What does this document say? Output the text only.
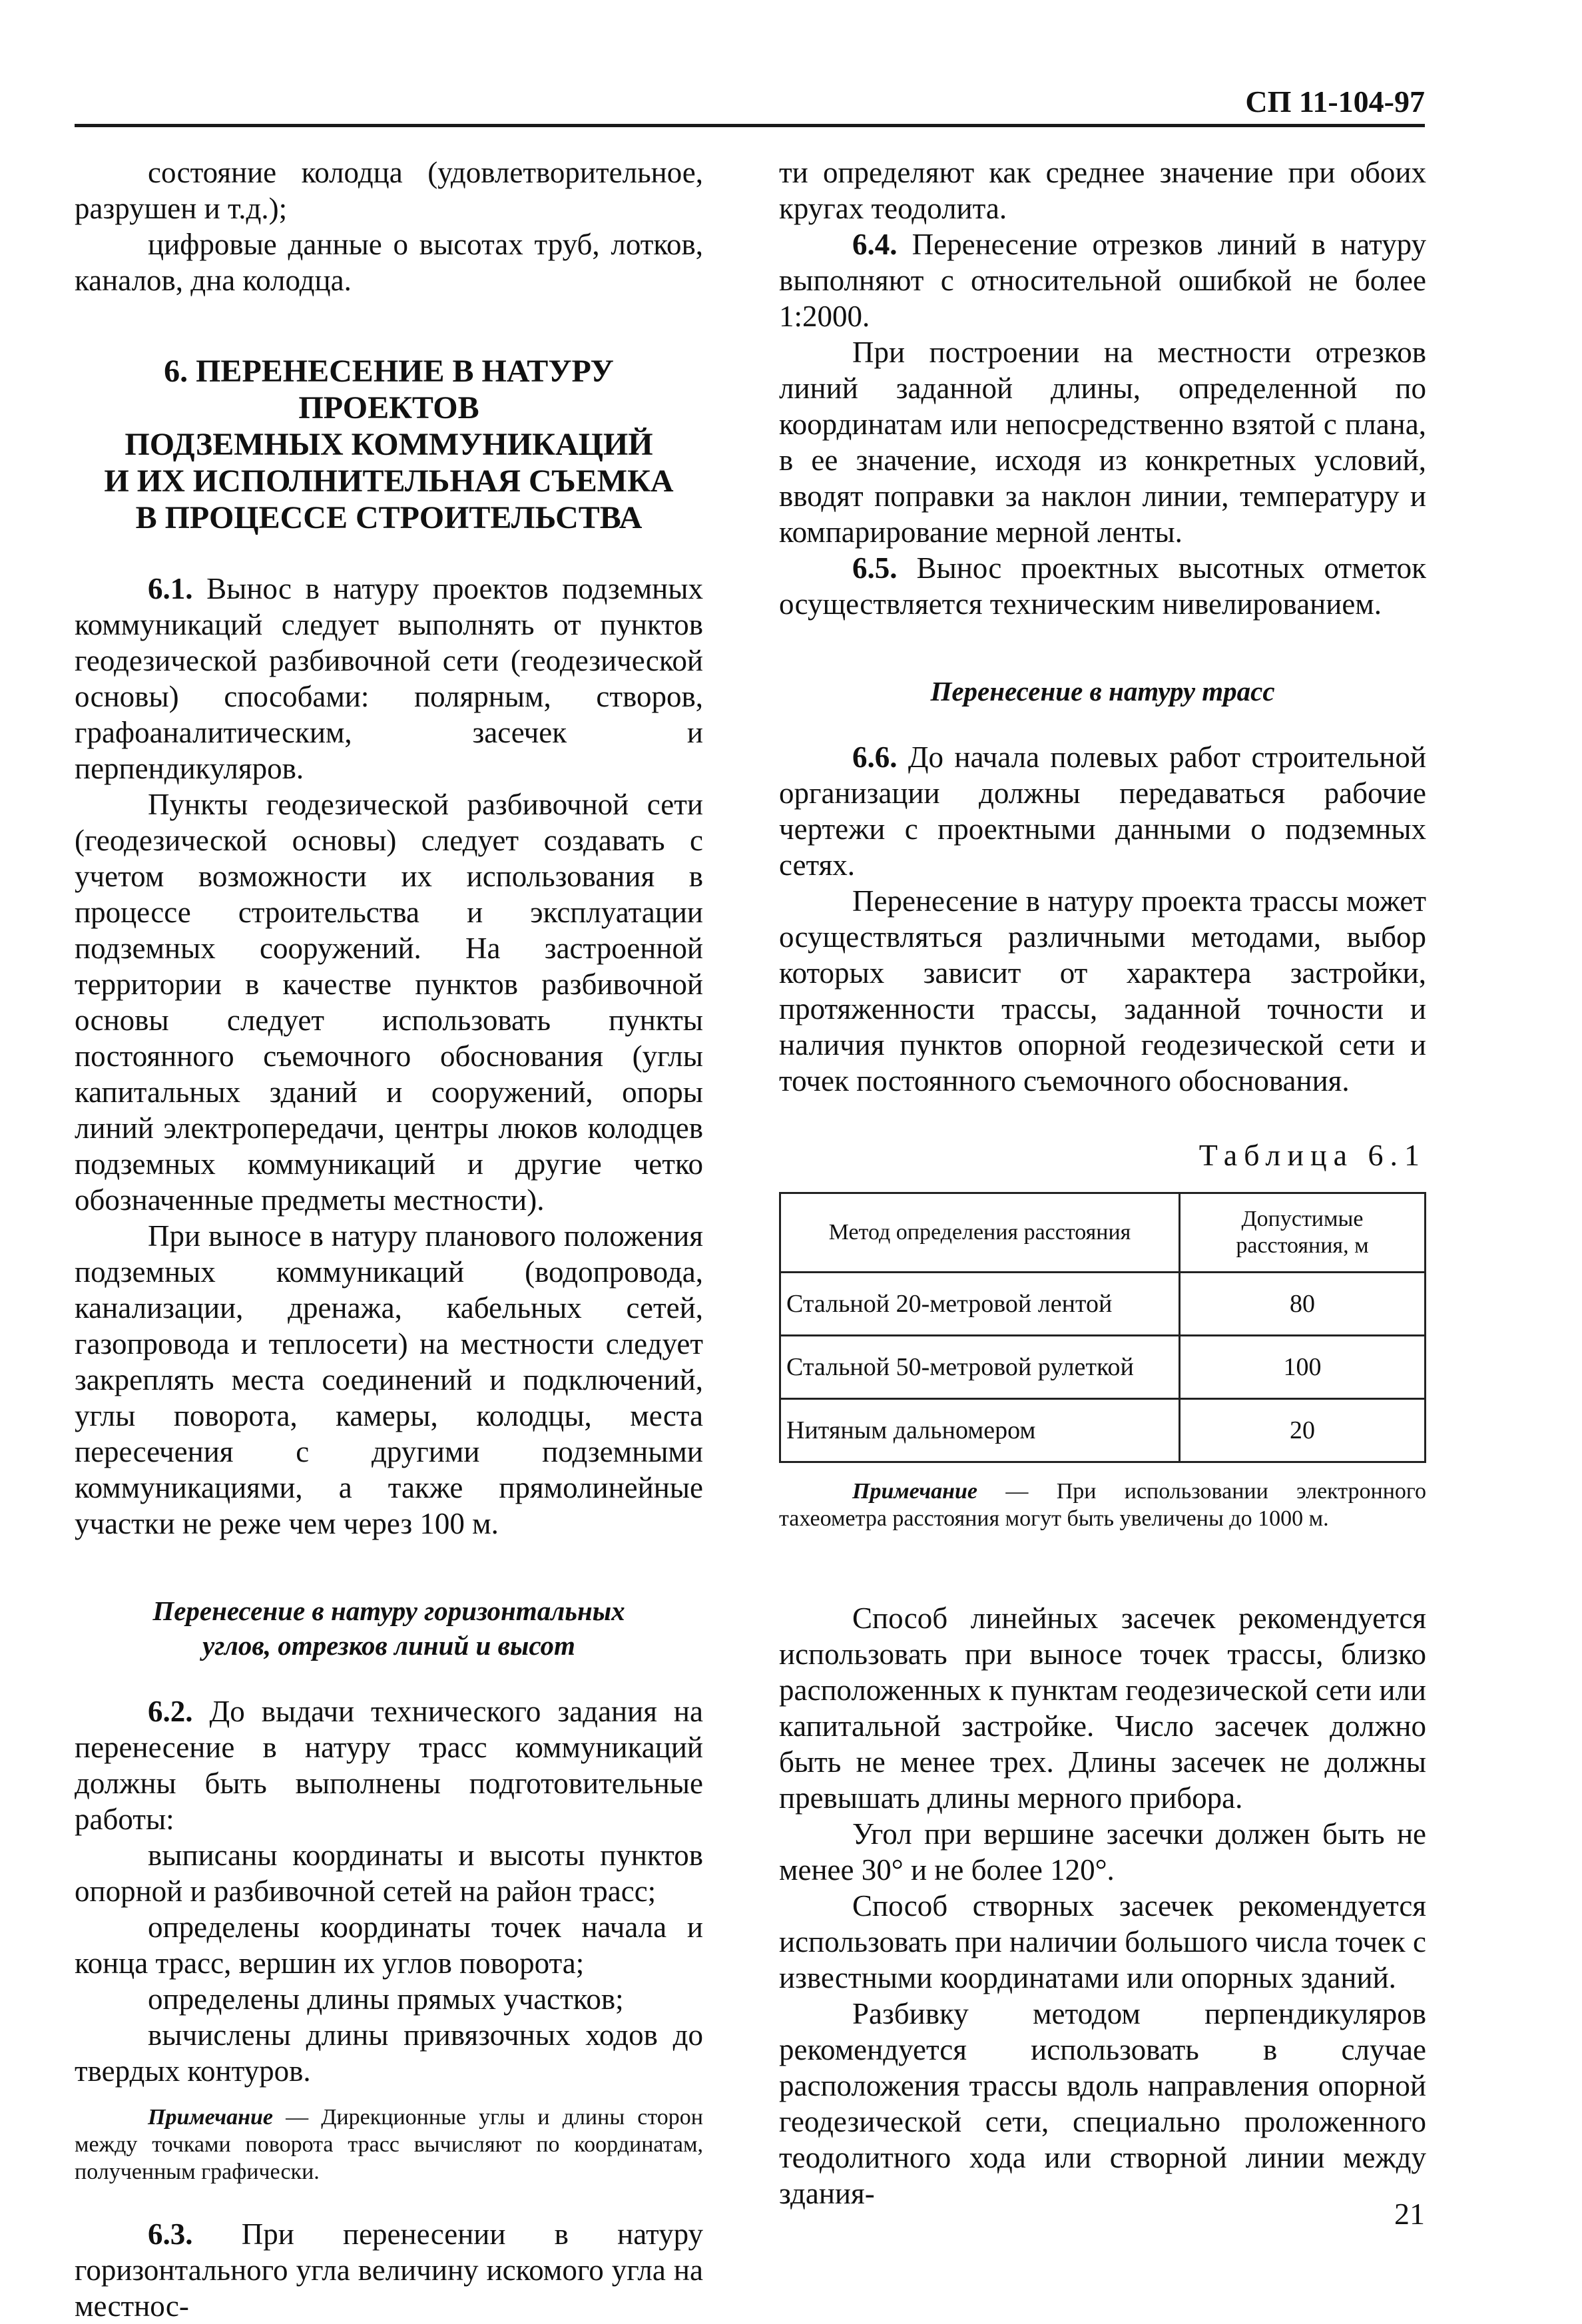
СП 11-104-97

состояние колодца (удовлетворительное, разрушен и т.д.);

цифровые данные о высотах труб, лотков, каналов, дна колодца.

6. ПЕРЕНЕСЕНИЕ В НАТУРУ ПРОЕКТОВ
ПОДЗЕМНЫХ КОММУНИКАЦИЙ
И ИХ ИСПОЛНИТЕЛЬНАЯ СЪЕМКА
В ПРОЦЕССЕ СТРОИТЕЛЬСТВА

6.1. Вынос в натуру проектов подземных коммуникаций следует выполнять от пунктов геодезической разбивочной сети (геодезической основы) способами: полярным, створов, графоаналитическим, засечек и перпендикуляров.

Пункты геодезической разбивочной сети (геодезической основы) следует создавать с учетом возможности их использования в процессе строительства и эксплуатации подземных сооружений. На застроенной территории в качестве пунктов разбивочной основы следует использовать пункты постоянного съемочного обоснования (углы капитальных зданий и сооружений, опоры линий электропередачи, центры люков колодцев подземных коммуникаций и другие четко обозначенные предметы местности).

При выносе в натуру планового положения подземных коммуникаций (водопровода, канализации, дренажа, кабельных сетей, газопровода и теплосети) на местности следует закреплять места соединений и подключений, углы поворота, камеры, колодцы, места пересечения с другими подземными коммуникациями, а также прямолинейные участки не реже чем через 100 м.

Перенесение в натуру горизонтальных
углов, отрезков линий и высот

6.2. До выдачи технического задания на перенесение в натуру трасс коммуникаций должны быть выполнены подготовительные работы:

выписаны координаты и высоты пунктов опорной и разбивочной сетей на район трасс;

определены координаты точек начала и конца трасс, вершин их углов поворота;

определены длины прямых участков;

вычислены длины привязочных ходов до твердых контуров.

Примечание — Дирекционные углы и длины сторон между точками поворота трасс вычисляют по координатам, полученным графически.

6.3. При перенесении в натуру горизонтального угла величину искомого угла на местнос-

ти определяют как среднее значение при обоих кругах теодолита.

6.4. Перенесение отрезков линий в натуру выполняют с относительной ошибкой не более 1:2000.

При построении на местности отрезков линий заданной длины, определенной по координатам или непосредственно взятой с плана, в ее значение, исходя из конкретных условий, вводят поправки за наклон линии, температуру и компарирование мерной ленты.

6.5. Вынос проектных высотных отметок осуществляется техническим нивелированием.

Перенесение в натуру трасс

6.6. До начала полевых работ строительной организации должны передаваться рабочие чертежи с проектными данными о подземных сетях.

Перенесение в натуру проекта трассы может осуществляться различными методами, выбор которых зависит от характера застройки, протяженности трассы, заданной точности и наличия пунктов опорной геодезической сети и точек постоянного съемочного обоснования.

Таблица 6.1
Метод определения расстояния	Допустимые расстояния, м
Стальной 20-метровой лентой	80
Стальной 50-метровой рулеткой	100
Нитяным дальномером	20

Примечание — При использовании электронного тахеометра расстояния могут быть увеличены до 1000 м.

Способ линейных засечек рекомендуется использовать при выносе точек трассы, близко расположенных к пунктам геодезической сети или капитальной застройке. Число засечек должно быть не менее трех. Длины засечек не должны превышать длины мерного прибора.

Угол при вершине засечки должен быть не менее 30° и не более 120°.

Способ створных засечек рекомендуется использовать при наличии большого числа точек с известными координатами или опорных зданий.

Разбивку методом перпендикуляров рекомендуется использовать в случае расположения трассы вдоль направления опорной геодезической сети, специально проложенного теодолитного хода или створной линии между здания-

21
